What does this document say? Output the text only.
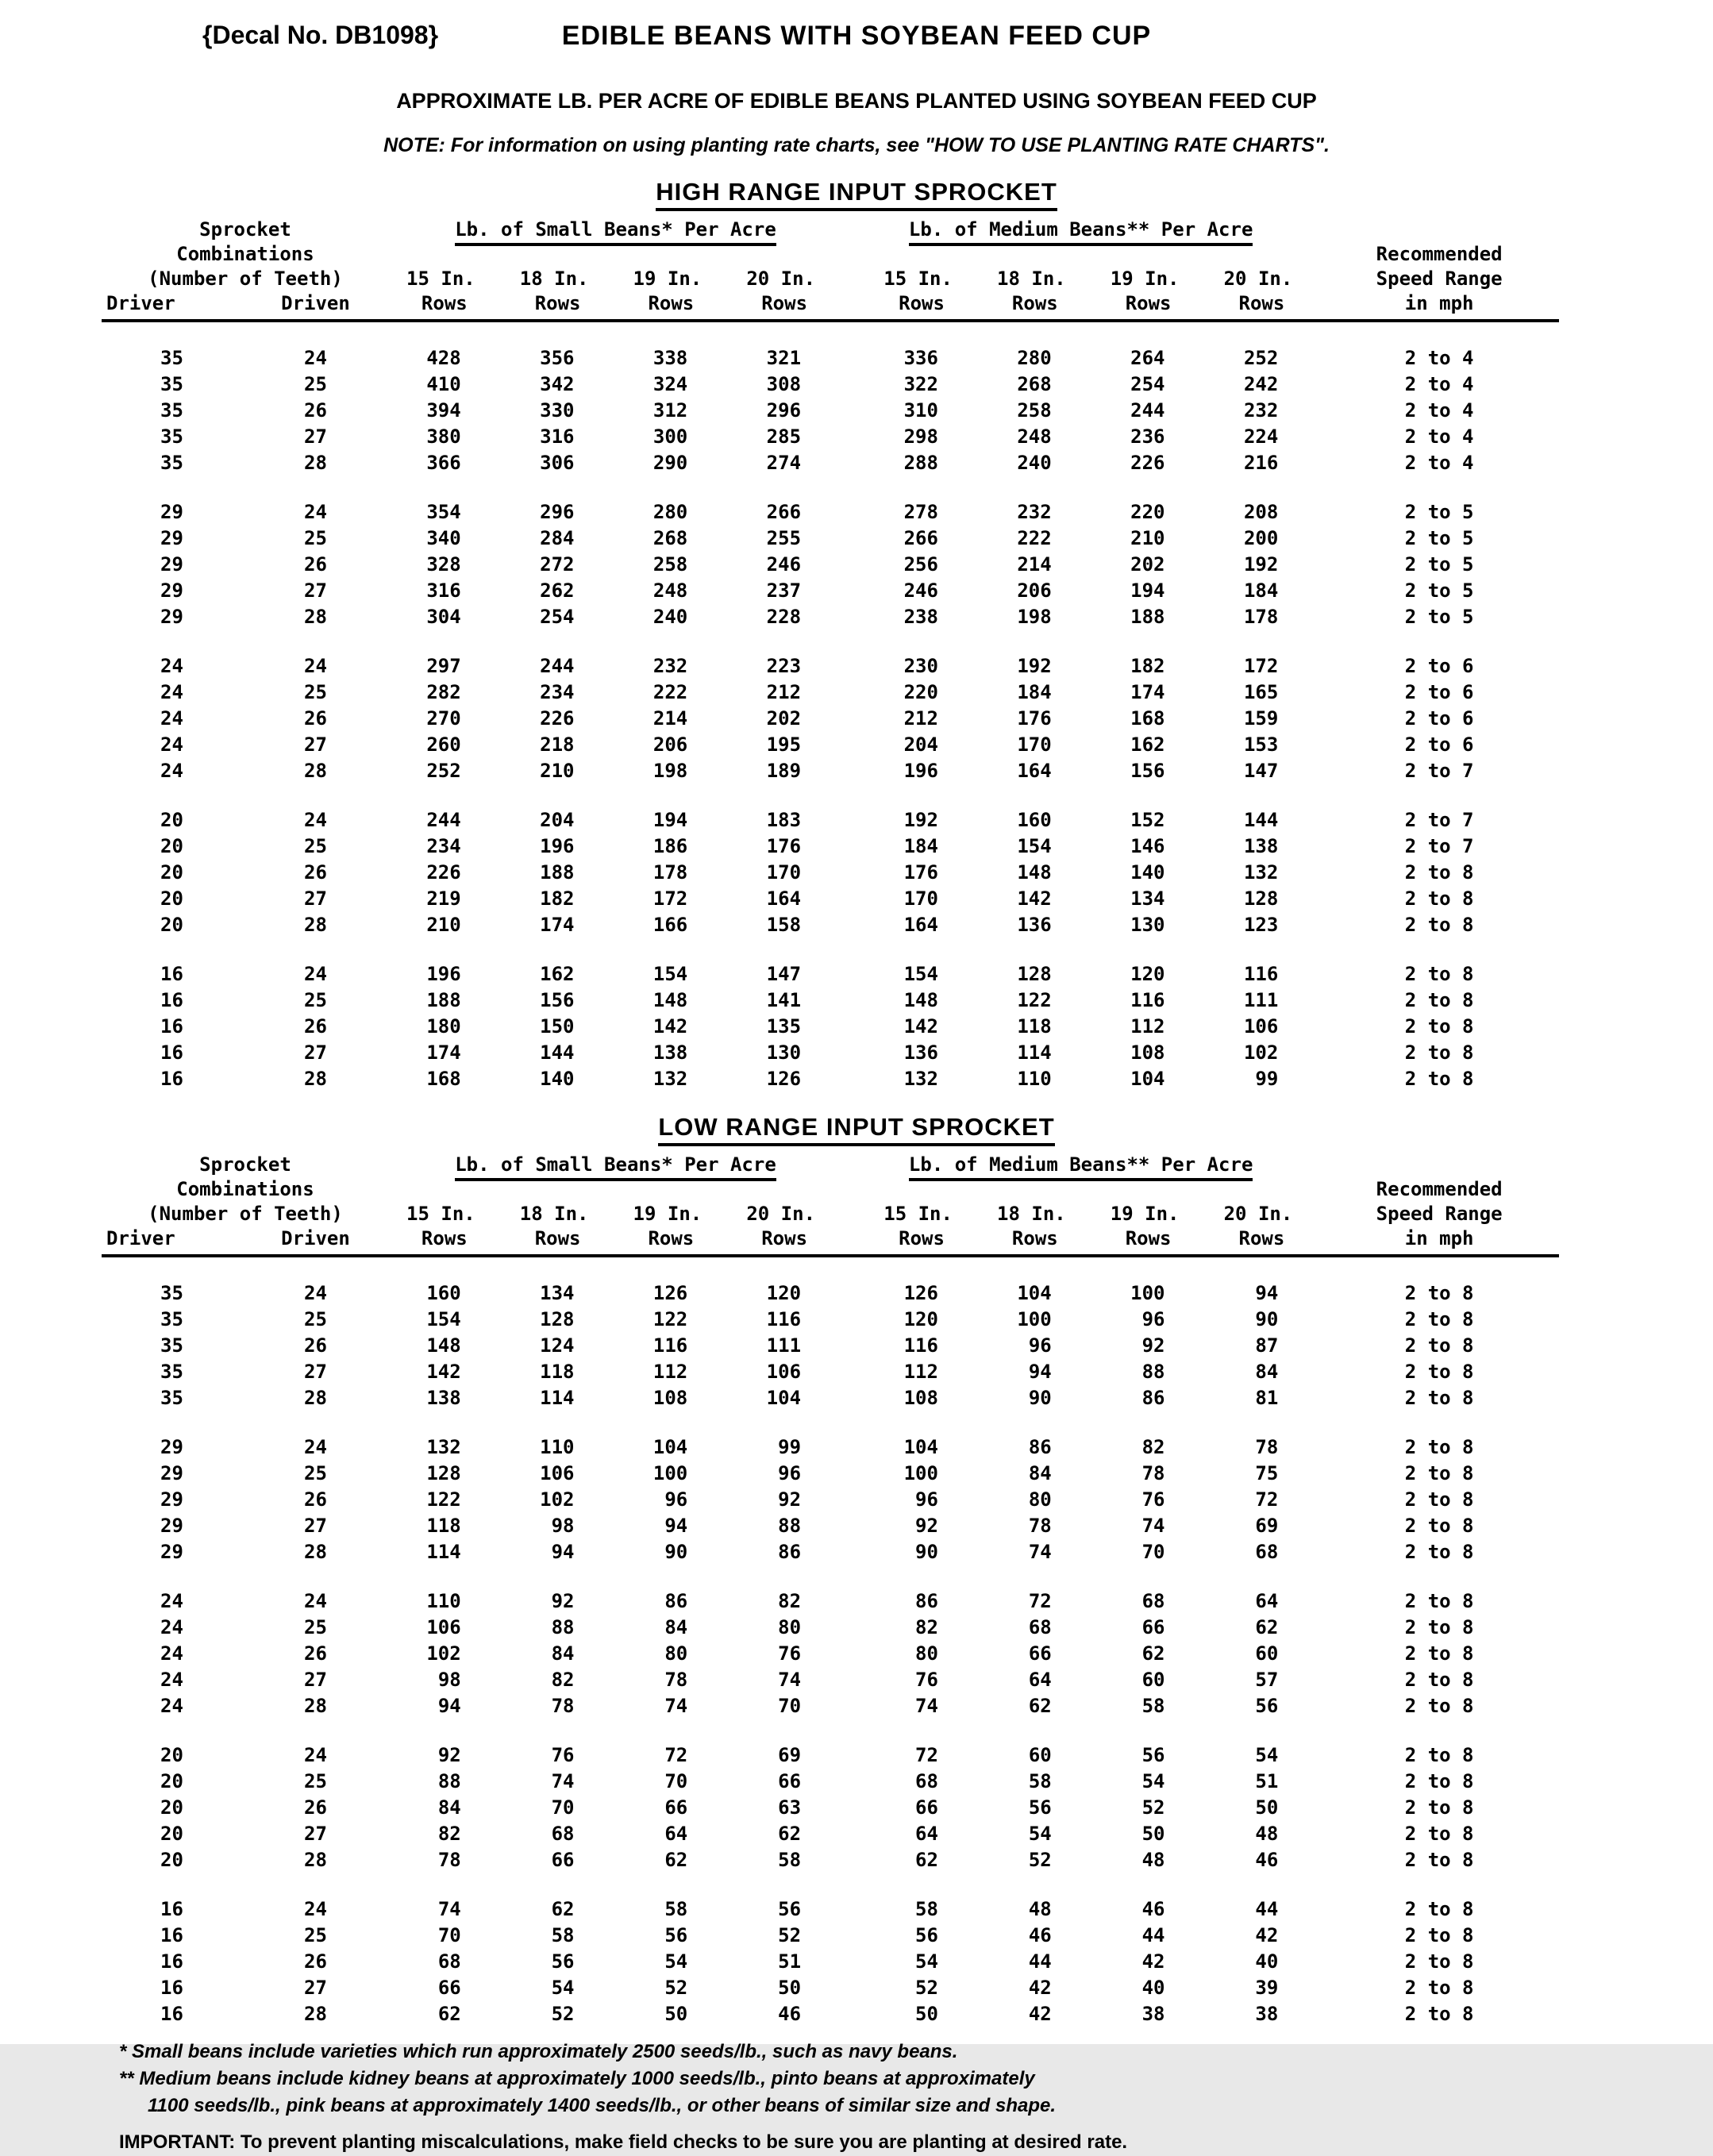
{Decal No. DB1098}	EDIBLE BEANS WITH SOYBEAN FEED CUP
APPROXIMATE LB. PER ACRE OF EDIBLE BEANS PLANTED USING SOYBEAN FEED CUP
NOTE: For information on using planting rate charts, see "HOW TO USE PLANTING RATE CHARTS".
HIGH RANGE INPUT SPROCKET
Sprocket		Lb. of Small Beans* Per Acre				Lb. of Medium Beans** Per Acre				
Combinations										Recommended
(Number of Teeth)		15 In.	18 In.	19 In.	20 In.	15 In.	18 In.	19 In.	20 In.	Speed Range
Driver	Driven	Rows	Rows	Rows	Rows	Rows	Rows	Rows	Rows	in mph

35	24	428	356	338	321	336	280	264	252	2 to 4
35	25	410	342	324	308	322	268	254	242	2 to 4
35	26	394	330	312	296	310	258	244	232	2 to 4
35	27	380	316	300	285	298	248	236	224	2 to 4
35	28	366	306	290	274	288	240	226	216	2 to 4

29	24	354	296	280	266	278	232	220	208	2 to 5
29	25	340	284	268	255	266	222	210	200	2 to 5
29	26	328	272	258	246	256	214	202	192	2 to 5
29	27	316	262	248	237	246	206	194	184	2 to 5
29	28	304	254	240	228	238	198	188	178	2 to 5

24	24	297	244	232	223	230	192	182	172	2 to 6
24	25	282	234	222	212	220	184	174	165	2 to 6
24	26	270	226	214	202	212	176	168	159	2 to 6
24	27	260	218	206	195	204	170	162	153	2 to 6
24	28	252	210	198	189	196	164	156	147	2 to 7

20	24	244	204	194	183	192	160	152	144	2 to 7
20	25	234	196	186	176	184	154	146	138	2 to 7
20	26	226	188	178	170	176	148	140	132	2 to 8
20	27	219	182	172	164	170	142	134	128	2 to 8
20	28	210	174	166	158	164	136	130	123	2 to 8

16	24	196	162	154	147	154	128	120	116	2 to 8
16	25	188	156	148	141	148	122	116	111	2 to 8
16	26	180	150	142	135	142	118	112	106	2 to 8
16	27	174	144	138	130	136	114	108	102	2 to 8
16	28	168	140	132	126	132	110	104	99	2 to 8
LOW RANGE INPUT SPROCKET
Sprocket		Lb. of Small Beans* Per Acre				Lb. of Medium Beans** Per Acre				
Combinations										Recommended
(Number of Teeth)		15 In.	18 In.	19 In.	20 In.	15 In.	18 In.	19 In.	20 In.	Speed Range
Driver	Driven	Rows	Rows	Rows	Rows	Rows	Rows	Rows	Rows	in mph

35	24	160	134	126	120	126	104	100	94	2 to 8
35	25	154	128	122	116	120	100	96	90	2 to 8
35	26	148	124	116	111	116	96	92	87	2 to 8
35	27	142	118	112	106	112	94	88	84	2 to 8
35	28	138	114	108	104	108	90	86	81	2 to 8

29	24	132	110	104	99	104	86	82	78	2 to 8
29	25	128	106	100	96	100	84	78	75	2 to 8
29	26	122	102	96	92	96	80	76	72	2 to 8
29	27	118	98	94	88	92	78	74	69	2 to 8
29	28	114	94	90	86	90	74	70	68	2 to 8

24	24	110	92	86	82	86	72	68	64	2 to 8
24	25	106	88	84	80	82	68	66	62	2 to 8
24	26	102	84	80	76	80	66	62	60	2 to 8
24	27	98	82	78	74	76	64	60	57	2 to 8
24	28	94	78	74	70	74	62	58	56	2 to 8

20	24	92	76	72	69	72	60	56	54	2 to 8
20	25	88	74	70	66	68	58	54	51	2 to 8
20	26	84	70	66	63	66	56	52	50	2 to 8
20	27	82	68	64	62	64	54	50	48	2 to 8
20	28	78	66	62	58	62	52	48	46	2 to 8

16	24	74	62	58	56	58	48	46	44	2 to 8
16	25	70	58	56	52	56	46	44	42	2 to 8
16	26	68	56	54	51	54	44	42	40	2 to 8
16	27	66	54	52	50	52	42	40	39	2 to 8
16	28	62	52	50	46	50	42	38	38	2 to 8
* Small beans include varieties which run approximately 2500 seeds/lb., such as navy beans.
** Medium beans include kidney beans at approximately 1000 seeds/lb., pinto beans at approximately
1100 seeds/lb., pink beans at approximately 1400 seeds/lb., or other beans of similar size and shape.
IMPORTANT: To prevent planting miscalculations, make field checks to be sure you are planting at desired rate.
